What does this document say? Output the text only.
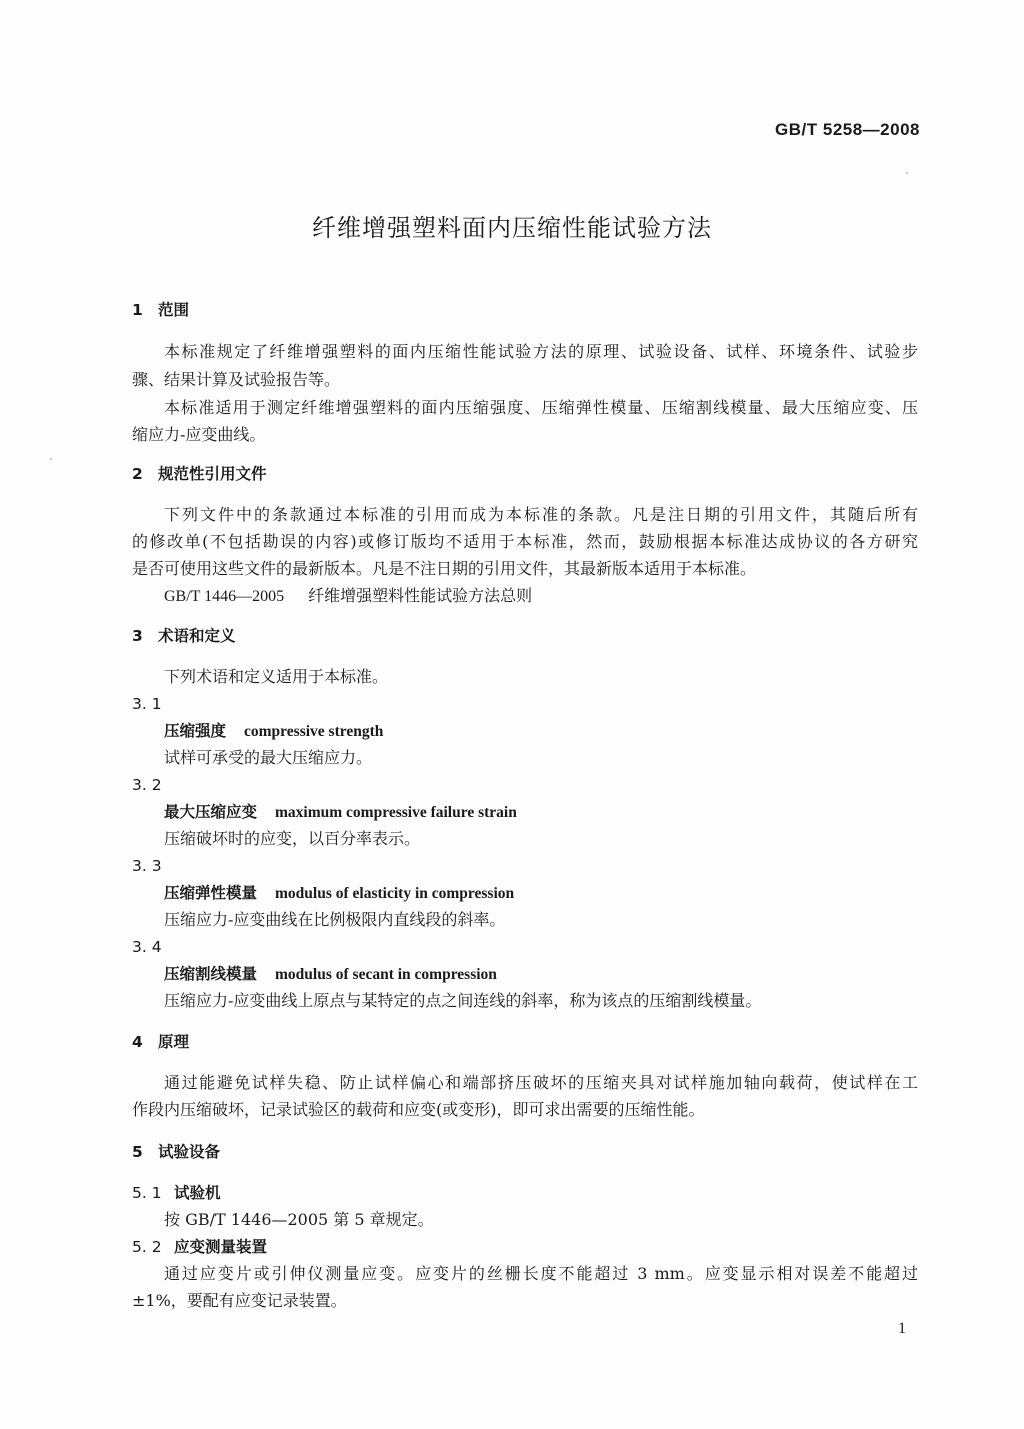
GB/T 5258—2008
纤维增强塑料面内压缩性能试验方法
1 范围
本标准规定了纤维增强塑料的面内压缩性能试验方法的原理、试验设备、试样、环境条件、试验步
骤、结果计算及试验报告等。
本标准适用于测定纤维增强塑料的面内压缩强度、压缩弹性模量、压缩割线模量、最大压缩应变、压
缩应力-应变曲线。
2 规范性引用文件
下列文件中的条款通过本标准的引用而成为本标准的条款。凡是注日期的引用文件，其随后所有
的修改单(不包括勘误的内容)或修订版均不适用于本标准，然而，鼓励根据本标准达成协议的各方研究
是否可使用这些文件的最新版本。凡是不注日期的引用文件，其最新版本适用于本标准。
GB/T 1446—2005 纤维增强塑料性能试验方法总则
3 术语和定义
下列术语和定义适用于本标准。
3. 1
压缩强度 compressive strength
试样可承受的最大压缩应力。
3. 2
最大压缩应变 maximum compressive failure strain
压缩破坏时的应变，以百分率表示。
3. 3
压缩弹性模量 modulus of elasticity in compression
压缩应力-应变曲线在比例极限内直线段的斜率。
3. 4
压缩割线模量 modulus of secant in compression
压缩应力-应变曲线上原点与某特定的点之间连线的斜率，称为该点的压缩割线模量。
4 原理
通过能避免试样失稳、防止试样偏心和端部挤压破坏的压缩夹具对试样施加轴向载荷，使试样在工
作段内压缩破坏，记录试验区的载荷和应变(或变形)，即可求出需要的压缩性能。
5 试验设备
5. 1 试验机
按 GB/T 1446—2005 第 5 章规定。
5. 2 应变测量装置
通过应变片或引伸仪测量应变。应变片的丝栅长度不能超过 3 mm。应变显示相对误差不能超过
±1%，要配有应变记录装置。
1
